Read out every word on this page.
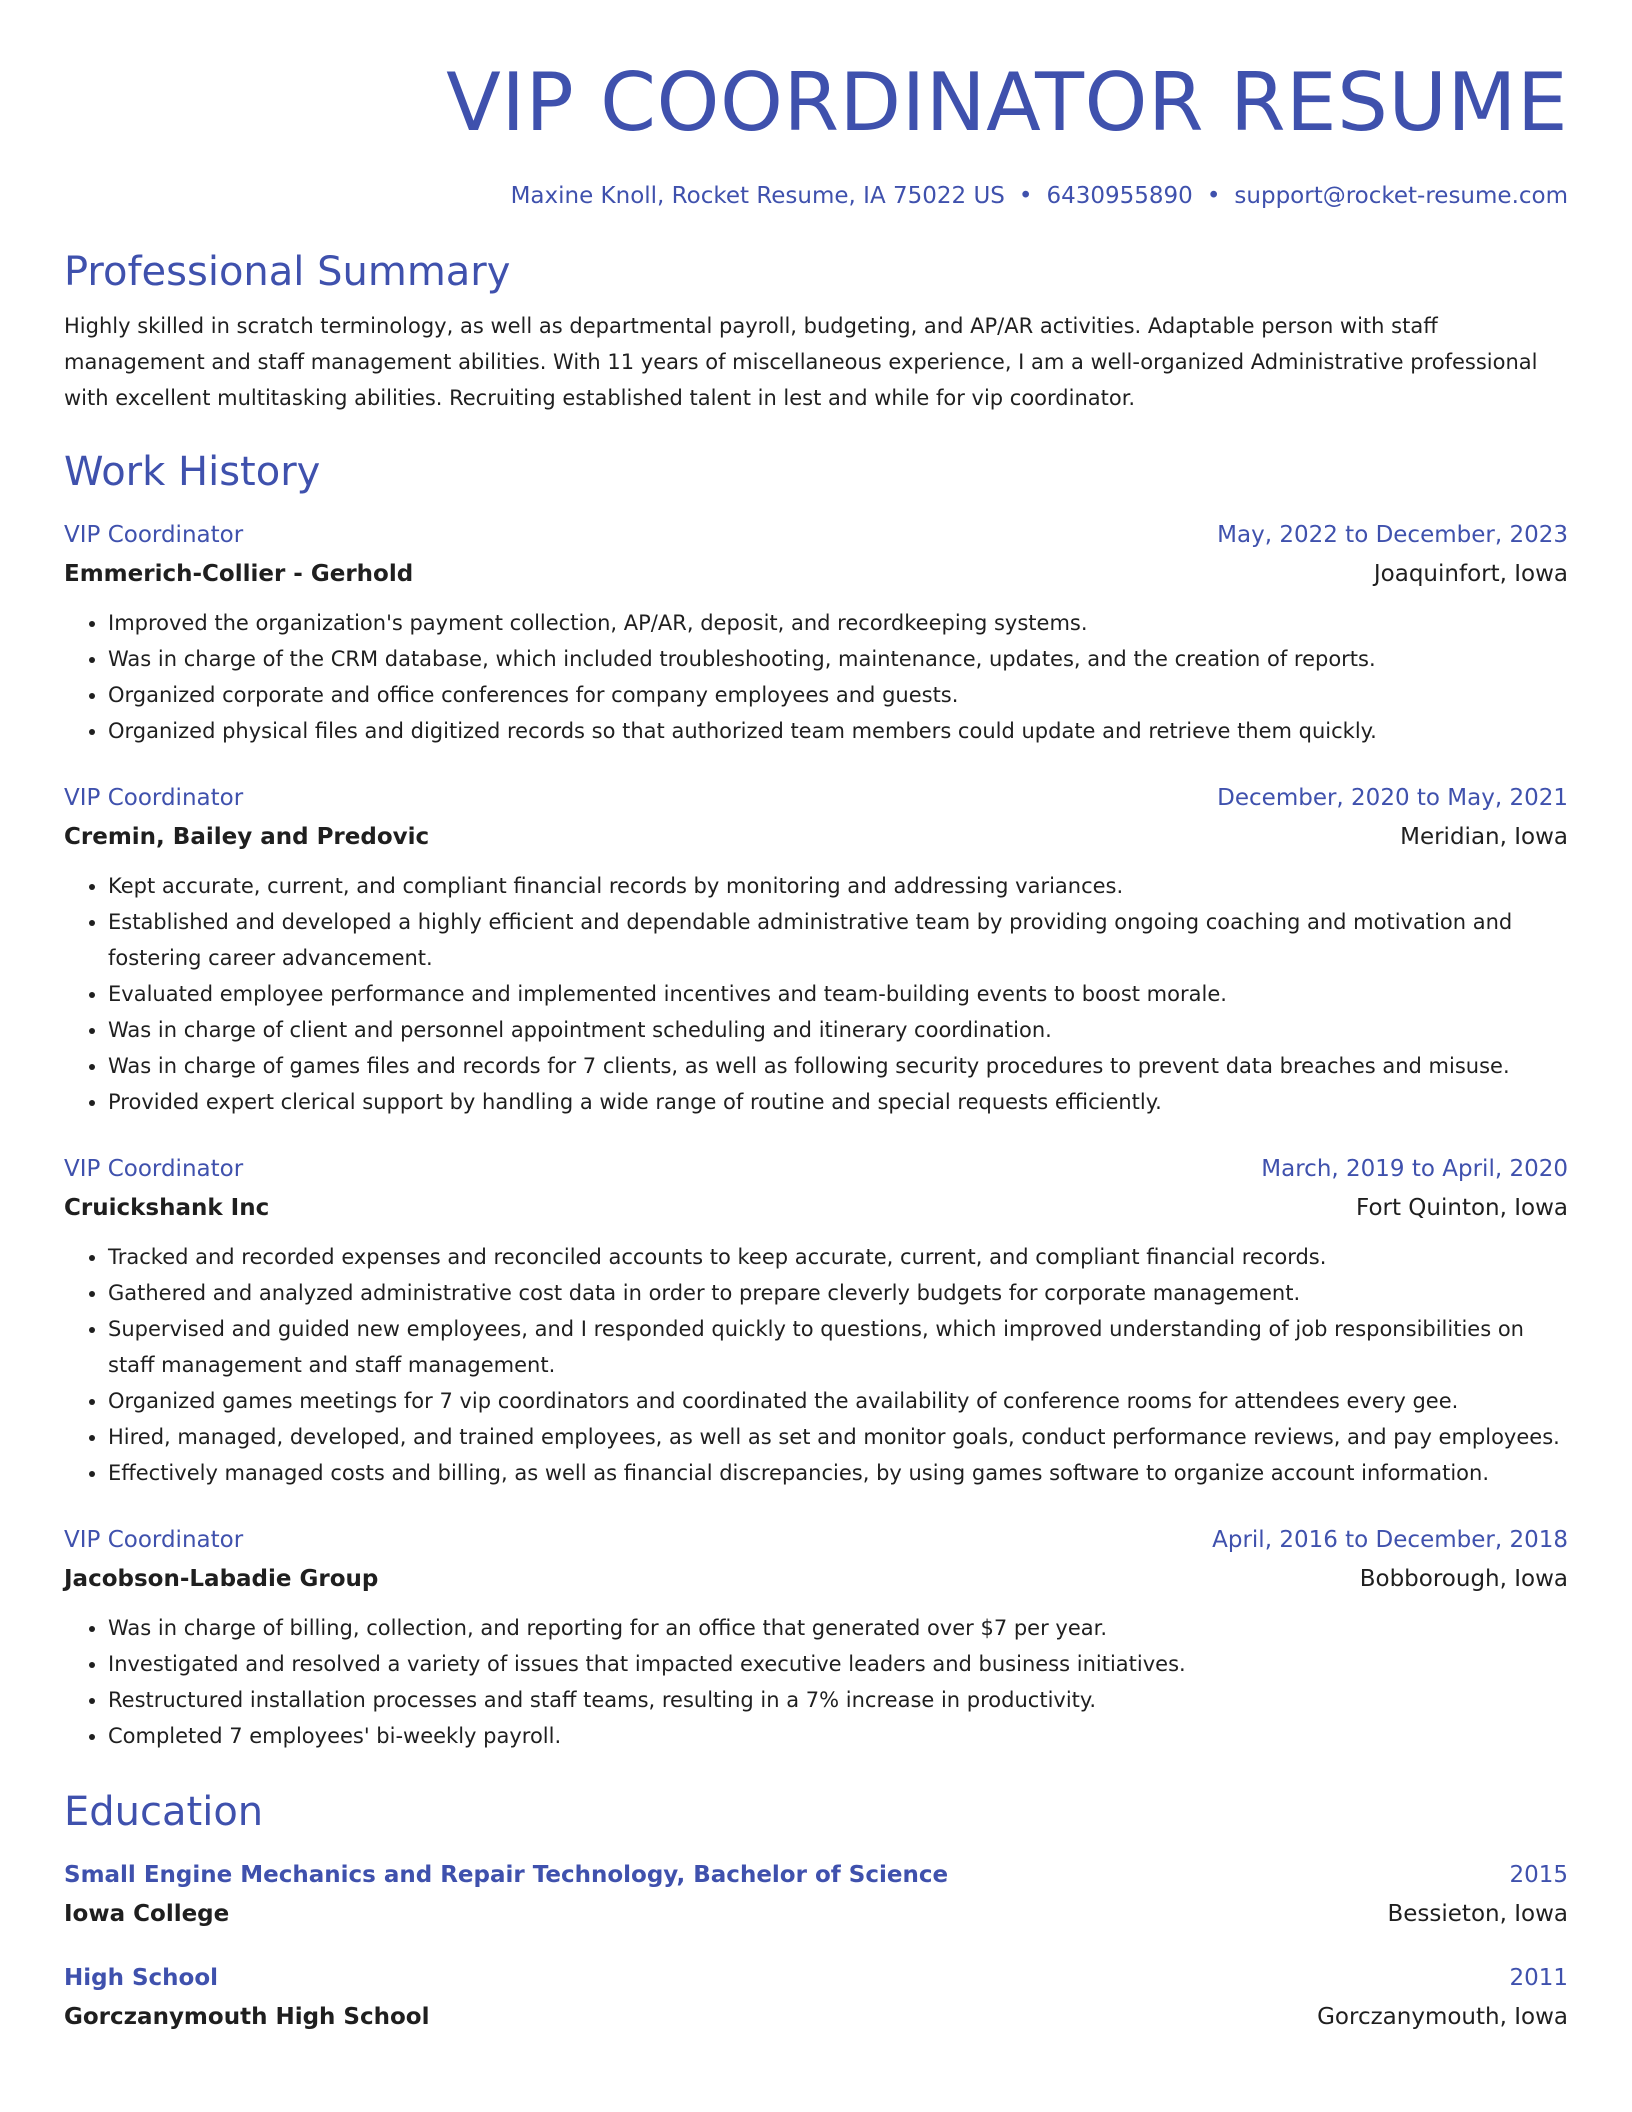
VIP COORDINATOR RESUME
Maxine Knoll, Rocket Resume, IA 75022 US • 6430955890 • support@rocket-resume.com
Professional Summary

Highly skilled in scratch terminology, as well as departmental payroll, budgeting, and AP/AR activities. Adaptable person with staff management and staff management abilities. With 11 years of miscellaneous experience, I am a well-organized Administrative professional with excellent multitasking abilities. Recruiting established talent in lest and while for vip coordinator.

Work History
VIP Coordinator	May, 2022 to December, 2023
Emmerich-Collier - Gerhold	Joaquinfort, Iowa
• Improved the organization's payment collection, AP/AR, deposit, and recordkeeping systems.
• Was in charge of the CRM database, which included troubleshooting, maintenance, updates, and the creation of reports.
• Organized corporate and office conferences for company employees and guests.
• Organized physical files and digitized records so that authorized team members could update and retrieve them quickly.
VIP Coordinator	December, 2020 to May, 2021
Cremin, Bailey and Predovic	Meridian, Iowa
• Kept accurate, current, and compliant financial records by monitoring and addressing variances.
• Established and developed a highly efficient and dependable administrative team by providing ongoing coaching and motivation and fostering career advancement.
• Evaluated employee performance and implemented incentives and team-building events to boost morale.
• Was in charge of client and personnel appointment scheduling and itinerary coordination.
• Was in charge of games files and records for 7 clients, as well as following security procedures to prevent data breaches and misuse.
• Provided expert clerical support by handling a wide range of routine and special requests efficiently.
VIP Coordinator	March, 2019 to April, 2020
Cruickshank Inc	Fort Quinton, Iowa
• Tracked and recorded expenses and reconciled accounts to keep accurate, current, and compliant financial records.
• Gathered and analyzed administrative cost data in order to prepare cleverly budgets for corporate management.
• Supervised and guided new employees, and I responded quickly to questions, which improved understanding of job responsibilities on staff management and staff management.
• Organized games meetings for 7 vip coordinators and coordinated the availability of conference rooms for attendees every gee.
• Hired, managed, developed, and trained employees, as well as set and monitor goals, conduct performance reviews, and pay employees.
• Effectively managed costs and billing, as well as financial discrepancies, by using games software to organize account information.
VIP Coordinator	April, 2016 to December, 2018
Jacobson-Labadie Group	Bobborough, Iowa
• Was in charge of billing, collection, and reporting for an office that generated over $7 per year.
• Investigated and resolved a variety of issues that impacted executive leaders and business initiatives.
• Restructured installation processes and staff teams, resulting in a 7% increase in productivity.
• Completed 7 employees' bi-weekly payroll.
Education
Small Engine Mechanics and Repair Technology, Bachelor of Science	2015
Iowa College	Bessieton, Iowa
High School	2011
Gorczanymouth High School	Gorczanymouth, Iowa
